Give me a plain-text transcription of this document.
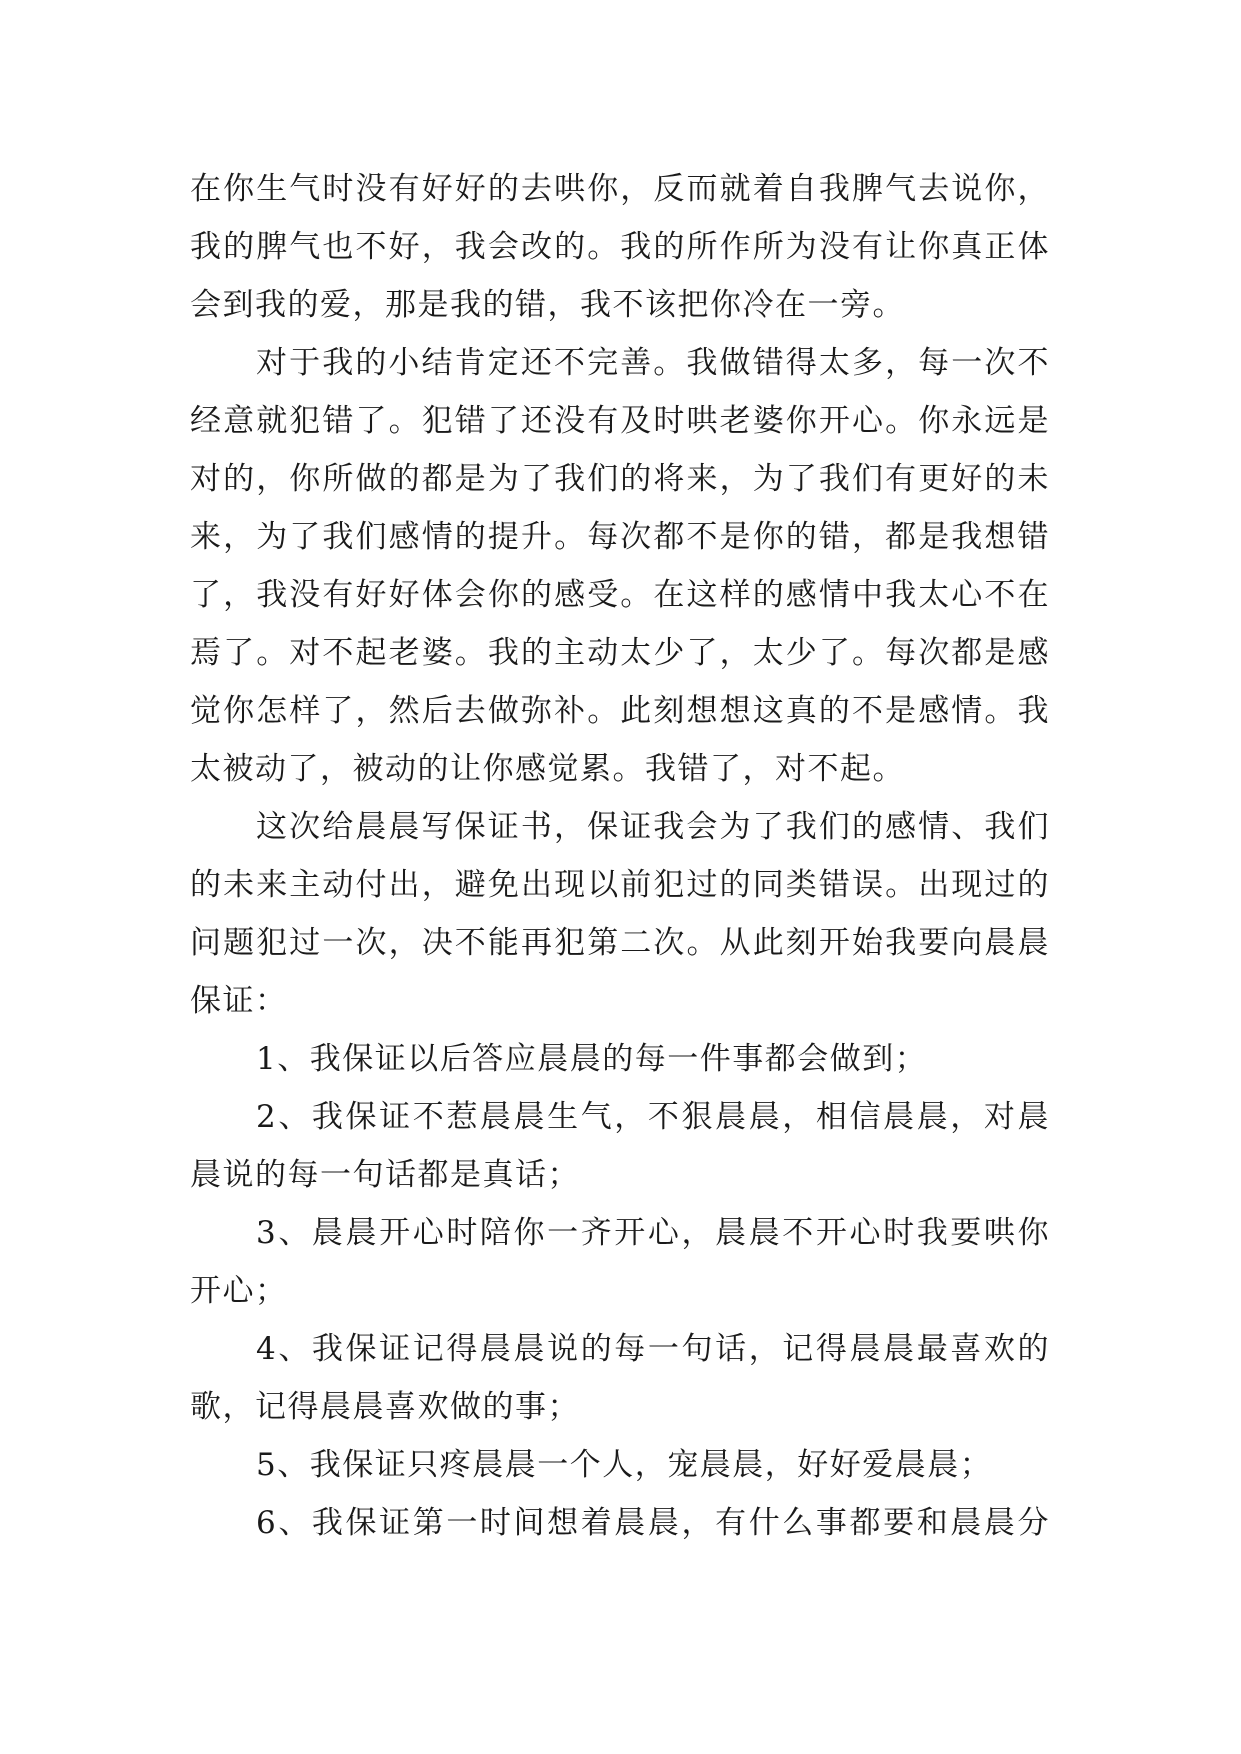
在你生气时没有好好的去哄你，反而就着自我脾气去说你，
我的脾气也不好，我会改的。我的所作所为没有让你真正体
会到我的爱，那是我的错，我不该把你冷在一旁。
对于我的小结肯定还不完善。我做错得太多，每一次不
经意就犯错了。犯错了还没有及时哄老婆你开心。你永远是
对的，你所做的都是为了我们的将来，为了我们有更好的未
来，为了我们感情的提升。每次都不是你的错，都是我想错
了，我没有好好体会你的感受。在这样的感情中我太心不在
焉了。对不起老婆。我的主动太少了，太少了。每次都是感
觉你怎样了，然后去做弥补。此刻想想这真的不是感情。我
太被动了，被动的让你感觉累。我错了，对不起。
这次给晨晨写保证书，保证我会为了我们的感情、我们
的未来主动付出，避免出现以前犯过的同类错误。出现过的
问题犯过一次，决不能再犯第二次。从此刻开始我要向晨晨
保证：
1、我保证以后答应晨晨的每一件事都会做到；
2、我保证不惹晨晨生气，不狠晨晨，相信晨晨，对晨
晨说的每一句话都是真话；
3、晨晨开心时陪你一齐开心，晨晨不开心时我要哄你
开心；
4、我保证记得晨晨说的每一句话，记得晨晨最喜欢的
歌，记得晨晨喜欢做的事；
5、我保证只疼晨晨一个人，宠晨晨，好好爱晨晨；
6、我保证第一时间想着晨晨，有什么事都要和晨晨分
